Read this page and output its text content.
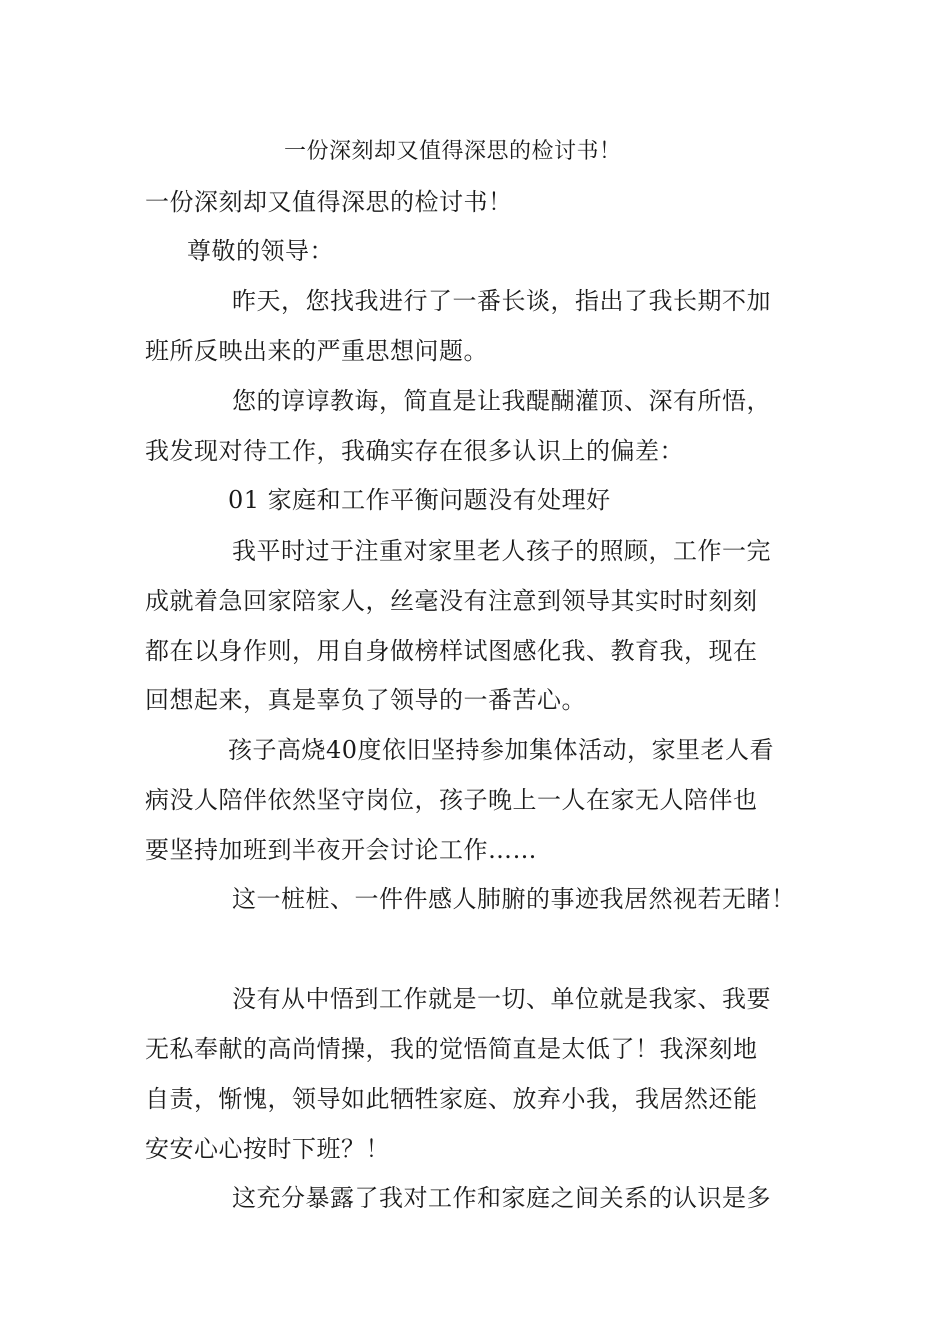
一份深刻却又值得深思的检讨书！
一份深刻却又值得深思的检讨书！
尊敬的领导：
昨天，您找我进行了一番长谈，指出了我长期不加
班所反映出来的严重思想问题。
您的谆谆教诲，简直是让我醍醐灌顶、深有所悟，
我发现对待工作，我确实存在很多认识上的偏差：
01 家庭和工作平衡问题没有处理好
我平时过于注重对家里老人孩子的照顾，工作一完
成就着急回家陪家人，丝毫没有注意到领导其实时时刻刻
都在以身作则，用自身做榜样试图感化我、教育我，现在
回想起来，真是辜负了领导的一番苦心。
孩子高烧40度依旧坚持参加集体活动，家里老人看
病没人陪伴依然坚守岗位，孩子晚上一人在家无人陪伴也
要坚持加班到半夜开会讨论工作……
这一桩桩、一件件感人肺腑的事迹我居然视若无睹！
没有从中悟到工作就是一切、单位就是我家、我要
无私奉献的高尚情操，我的觉悟简直是太低了！我深刻地
自责，惭愧，领导如此牺牲家庭、放弃小我，我居然还能
安安心心按时下班？！
这充分暴露了我对工作和家庭之间关系的认识是多
